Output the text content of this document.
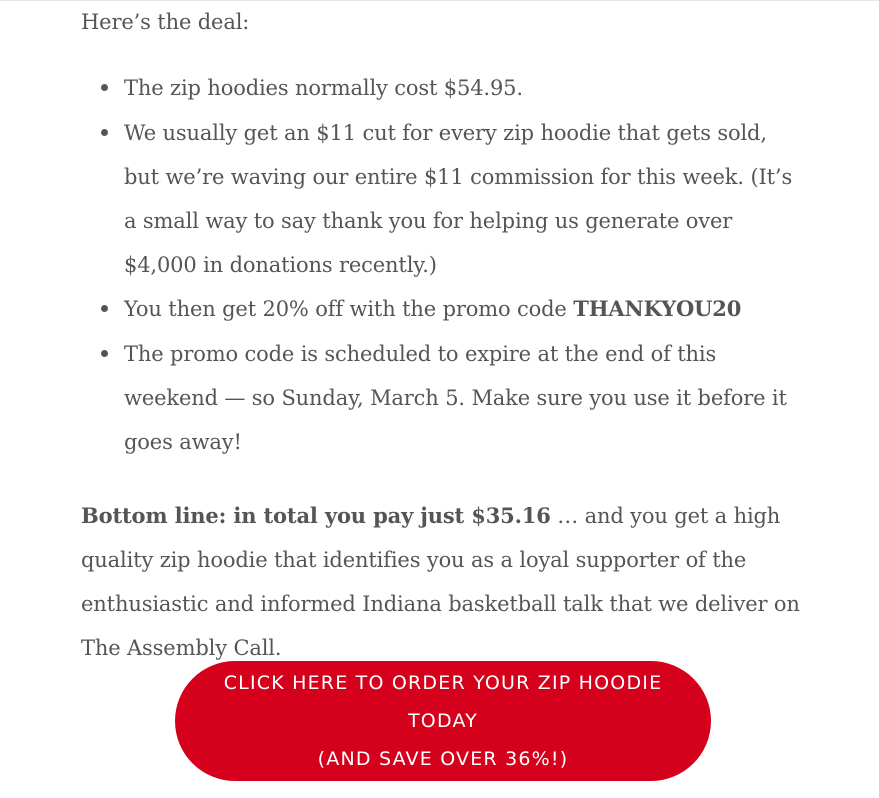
Here’s the deal:

The zip hoodies normally cost $54.95.
We usually get an $11 cut for every zip hoodie that gets sold, but we’re waving our entire $11 commission for this week. (It’s a small way to say thank you for helping us generate over $4,000 in donations recently.)
You then get 20% off with the promo code THANKYOU20
The promo code is scheduled to expire at the end of this weekend — so Sunday, March 5. Make sure you use it before it goes away!

Bottom line: in total you pay just $35.16 … and you get a high quality zip hoodie that identifies you as a loyal supporter of the enthusiastic and informed Indiana basketball talk that we deliver on The Assembly Call.

CLICK HERE TO ORDER YOUR ZIP HOODIE TODAY
(AND SAVE OVER 36%!)
